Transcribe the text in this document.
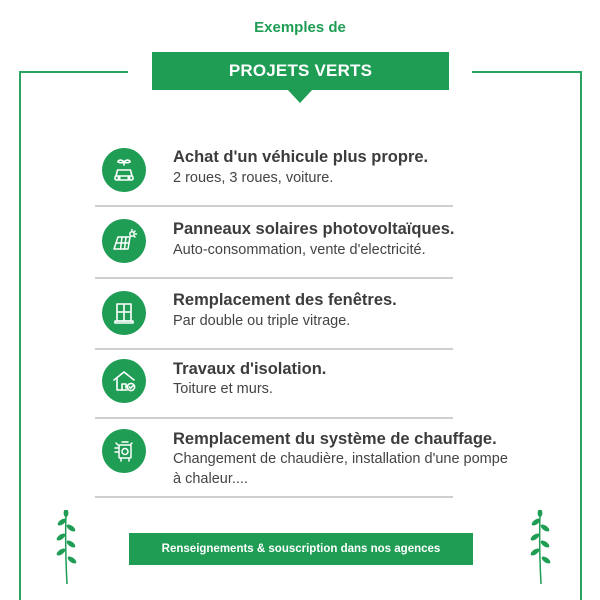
Exemples de
PROJETS VERTS
Achat d'un véhicule plus propre.
2 roues, 3 roues, voiture.
Panneaux solaires photovoltaïques.
Auto-consommation, vente d'electricité.
Remplacement des fenêtres.
Par double ou triple vitrage.
Travaux d'isolation.
Toiture et murs.
Remplacement du système de chauffage.
Changement de chaudière, installation d'une pompe à chaleur....
Renseignements & souscription dans nos agences
